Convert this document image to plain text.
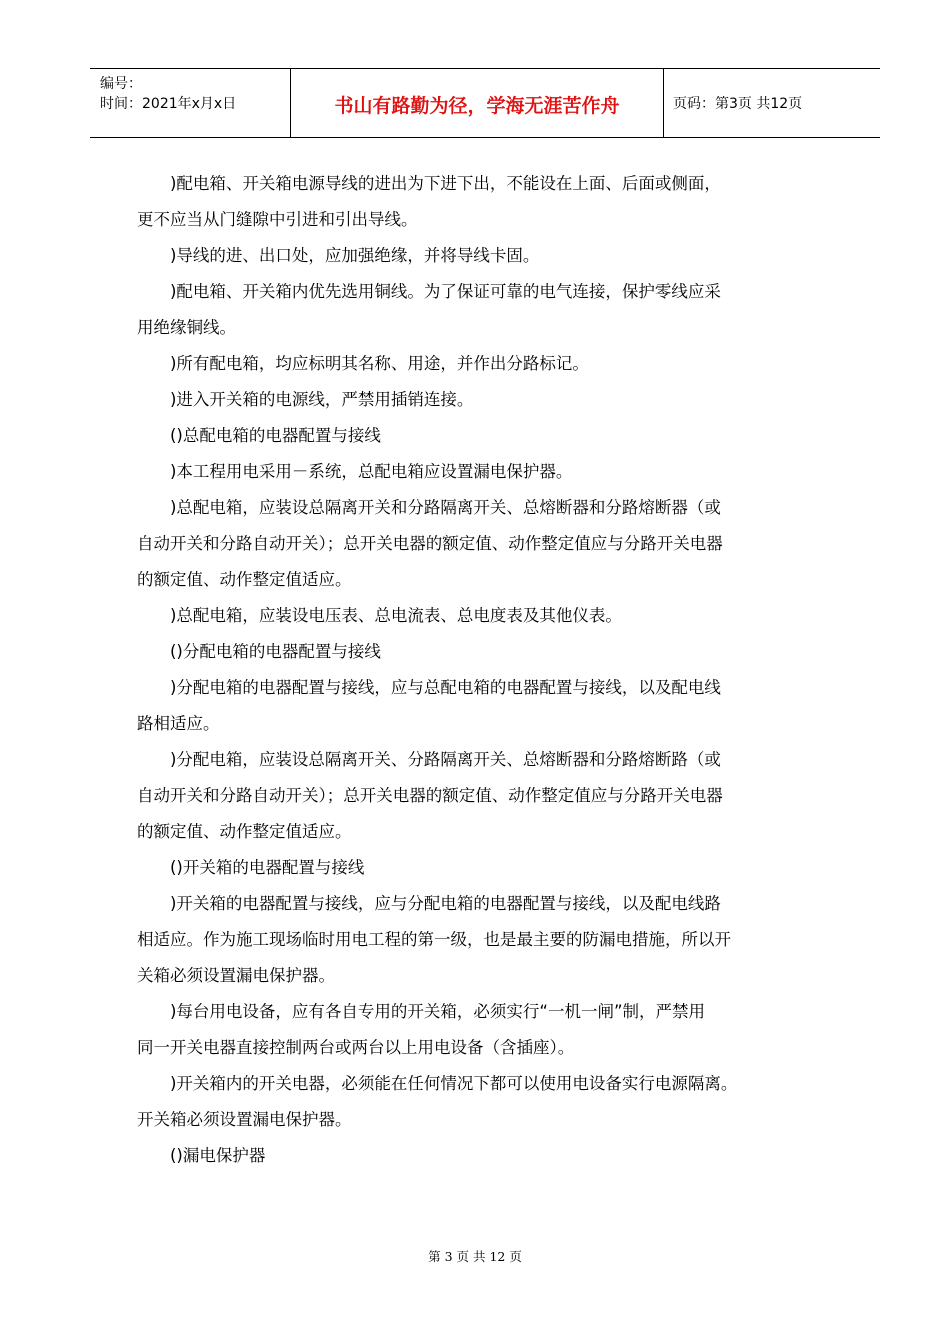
编号：
时间：2021年x月x日	书山有路勤为径，学海无涯苦作舟	页码：第3页 共12页

)配电箱、开关箱电源导线的进出为下进下出，不能设在上面、后面或侧面，

更不应当从门缝隙中引进和引出导线。

)导线的进、出口处，应加强绝缘，并将导线卡固。

)配电箱、开关箱内优先选用铜线。为了保证可靠的电气连接，保护零线应采

用绝缘铜线。

)所有配电箱，均应标明其名称、用途，并作出分路标记。

)进入开关箱的电源线，严禁用插销连接。

()总配电箱的电器配置与接线

)本工程用电采用－系统，总配电箱应设置漏电保护器。

)总配电箱，应装设总隔离开关和分路隔离开关、总熔断器和分路熔断器（或

自动开关和分路自动开关）；总开关电器的额定值、动作整定值应与分路开关电器

的额定值、动作整定值适应。

)总配电箱，应装设电压表、总电流表、总电度表及其他仪表。

()分配电箱的电器配置与接线

)分配电箱的电器配置与接线，应与总配电箱的电器配置与接线，以及配电线

路相适应。

)分配电箱，应装设总隔离开关、分路隔离开关、总熔断器和分路熔断路（或

自动开关和分路自动开关）；总开关电器的额定值、动作整定值应与分路开关电器

的额定值、动作整定值适应。

()开关箱的电器配置与接线

)开关箱的电器配置与接线，应与分配电箱的电器配置与接线，以及配电线路

相适应。作为施工现场临时用电工程的第一级，也是最主要的防漏电措施，所以开

关箱必须设置漏电保护器。

)每台用电设备，应有各自专用的开关箱，必须实行“一机一闸”制，严禁用

同一开关电器直接控制两台或两台以上用电设备（含插座）。

)开关箱内的开关电器，必须能在任何情况下都可以使用电设备实行电源隔离。

开关箱必须设置漏电保护器。

()漏电保护器

第 3 页 共 12 页
